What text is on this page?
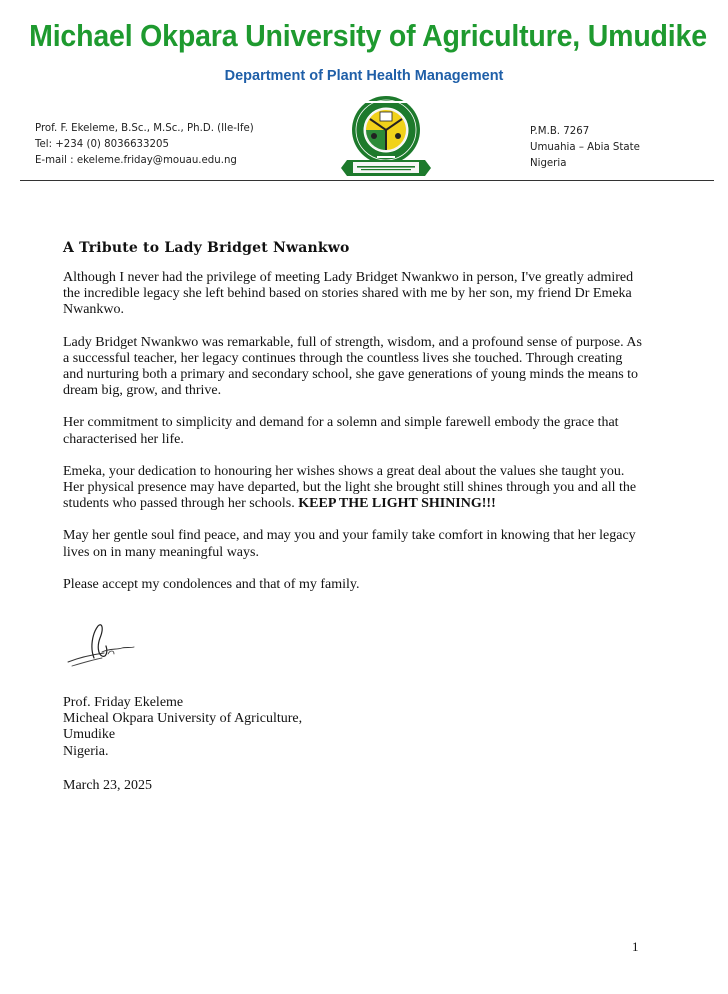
Michael Okpara University of Agriculture, Umudike
Department of Plant Health Management
Prof. F. Ekeleme, B.Sc., M.Sc., Ph.D. (Ile-Ife)
Tel: +234 (0) 8036633205
E-mail : ekeleme.friday@mouau.edu.ng
P.M.B. 7267
Umuahia – Abia State
Nigeria
A Tribute to Lady Bridget Nwankwo

Although I never had the privilege of meeting Lady Bridget Nwankwo in person, I've greatly admired the incredible legacy she left behind based on stories shared with me by her son, my friend Dr Emeka Nwankwo.

Lady Bridget Nwankwo was remarkable, full of strength, wisdom, and a profound sense of purpose. As a successful teacher, her legacy continues through the countless lives she touched. Through creating and nurturing both a primary and secondary school, she gave generations of young minds the means to dream big, grow, and thrive.

Her commitment to simplicity and demand for a solemn and simple farewell embody the grace that characterised her life.

Emeka, your dedication to honouring her wishes shows a great deal about the values she taught you. Her physical presence may have departed, but the light she brought still shines through you and all the students who passed through her schools. KEEP THE LIGHT SHINING!!!

May her gentle soul find peace, and may you and your family take comfort in knowing that her legacy lives on in many meaningful ways.

Please accept my condolences and that of my family.

Prof. Friday Ekeleme
Micheal Okpara University of Agriculture,
Umudike
Nigeria.
March 23, 2025
1
